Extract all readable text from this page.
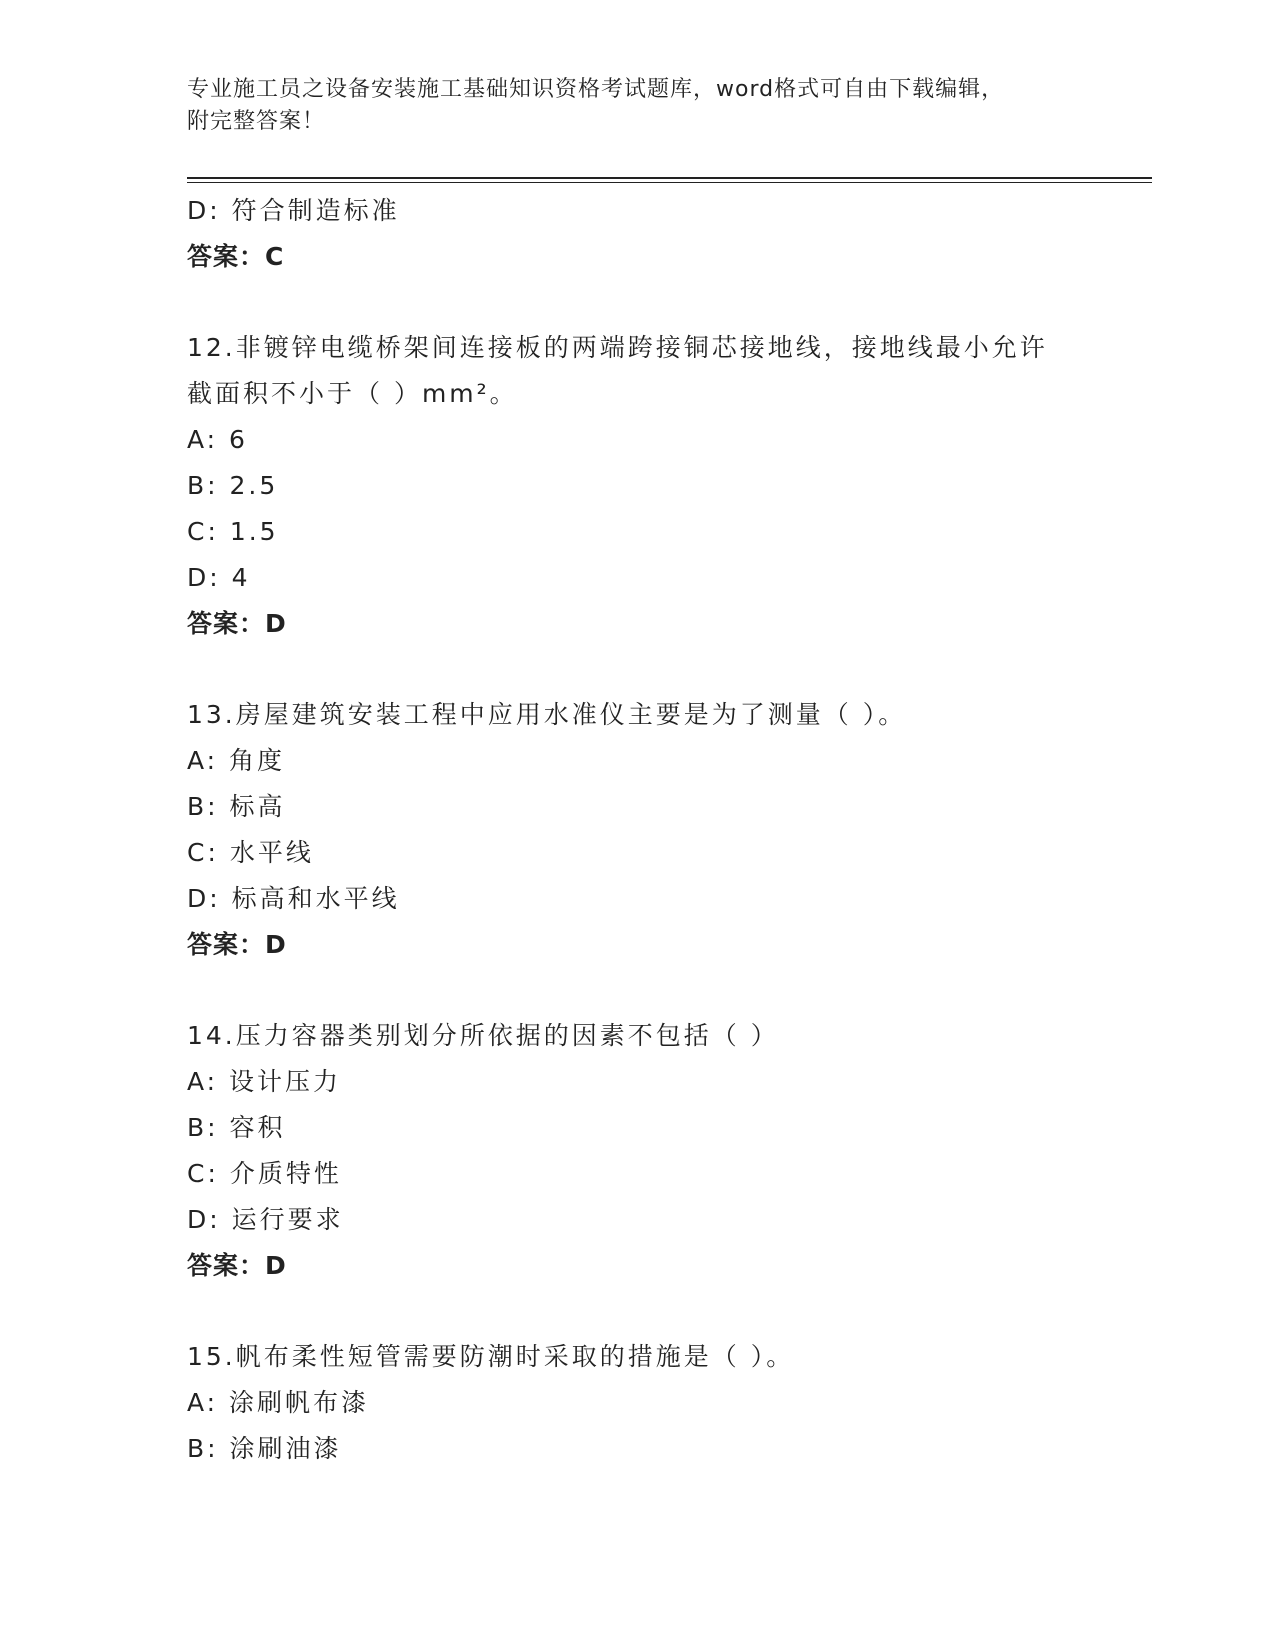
专业施工员之设备安装施工基础知识资格考试题库，word格式可自由下载编辑，
附完整答案！
D: 符合制造标准
答案：C
12.非镀锌电缆桥架间连接板的两端跨接铜芯接地线，接地线最小允许
截面积不小于（ ）mm²。
A: 6
B: 2.5
C: 1.5
D: 4
答案：D
13.房屋建筑安装工程中应用水准仪主要是为了测量（ ）。
A: 角度
B: 标高
C: 水平线
D: 标高和水平线
答案：D
14.压力容器类别划分所依据的因素不包括（ ）
A: 设计压力
B: 容积
C: 介质特性
D: 运行要求
答案：D
15.帆布柔性短管需要防潮时采取的措施是（ ）。
A: 涂刷帆布漆
B: 涂刷油漆
